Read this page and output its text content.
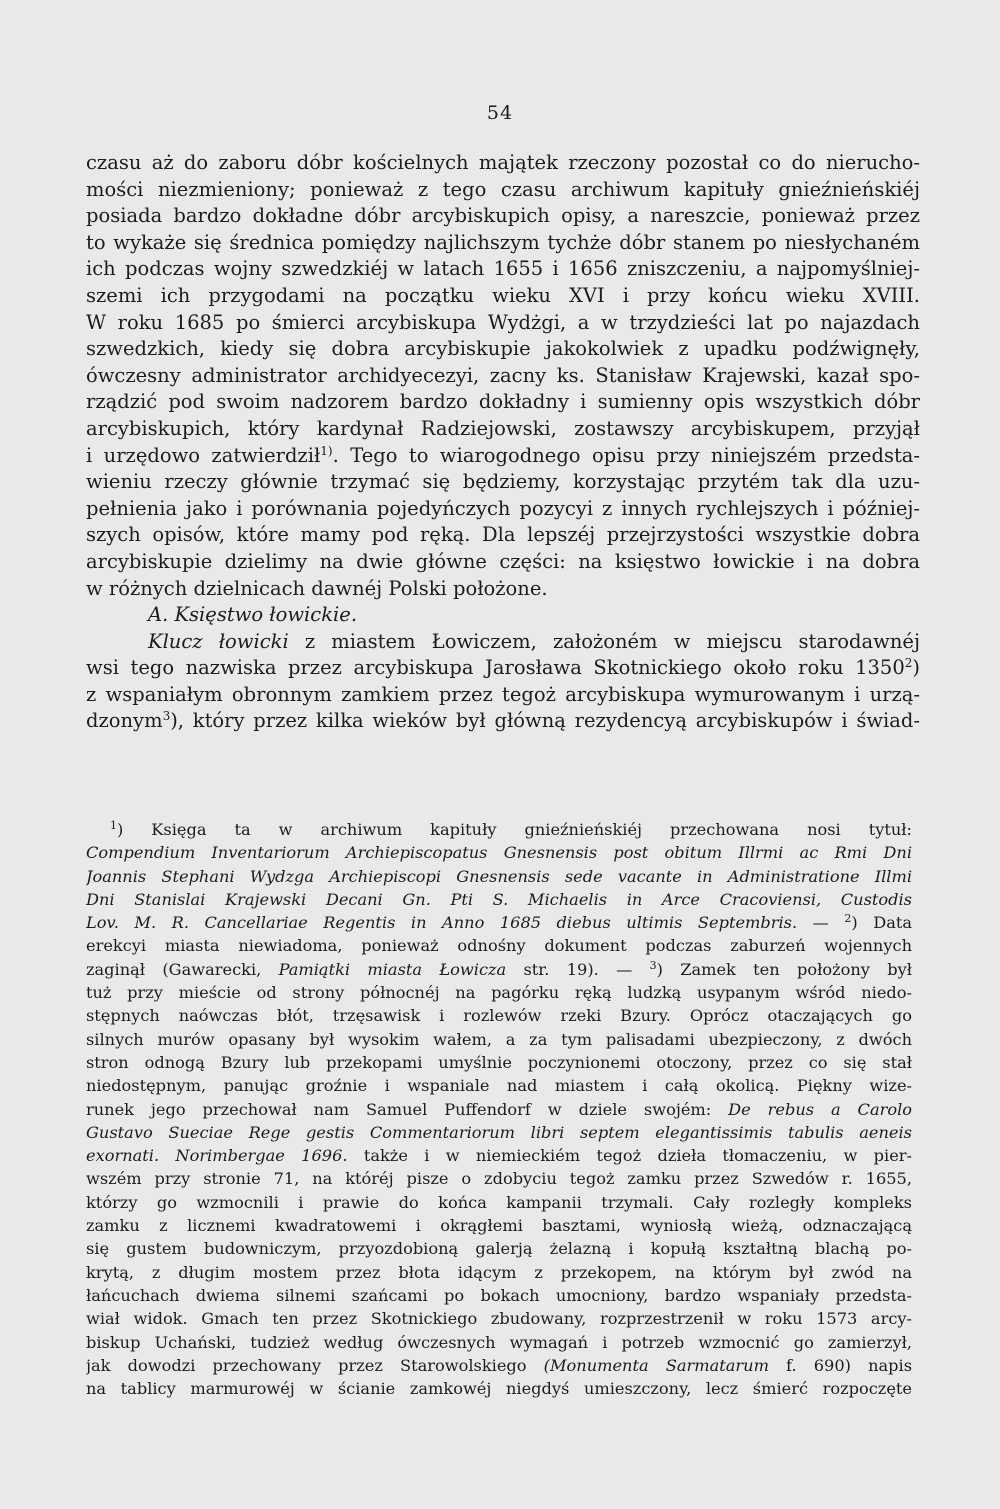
54
czasu aż do zaboru dóbr kościelnych majątek rzeczony pozostał co do nierucho-
mości niezmieniony; ponieważ z tego czasu archiwum kapituły gnieźnieńskiéj
posiada bardzo dokładne dóbr arcybiskupich opisy, a nareszcie, ponieważ przez
to wykaże się średnica pomiędzy najlichszym tychże dóbr stanem po niesłychaném
ich podczas wojny szwedzkiéj w latach 1655 i 1656 zniszczeniu, a najpomyślniej-
szemi ich przygodami na początku wieku XVI i przy końcu wieku XVIII.
W roku 1685 po śmierci arcybiskupa Wydżgi, a w trzydzieści lat po najazdach
szwedzkich, kiedy się dobra arcybiskupie jakokolwiek z upadku podźwignęły,
ówczesny administrator archidyecezyi, zacny ks. Stanisław Krajewski, kazał spo-
rządzić pod swoim nadzorem bardzo dokładny i sumienny opis wszystkich dóbr
arcybiskupich, który kardynał Radziejowski, zostawszy arcybiskupem, przyjął
i urzędowo zatwierdził$^{1)}$. Tego to wiarogodnego opisu przy niniejszém przedsta-
wieniu rzeczy głównie trzymać się będziemy, korzystając przytém tak dla uzu-
pełnienia jako i porównania pojedyńczych pozycyi z innych rychlejszych i później-
szych opisów, które mamy pod ręką. Dla lepszéj przejrzystości wszystkie dobra
arcybiskupie dzielimy na dwie główne części: na księstwo łowickie i na dobra
w różnych dzielnicach dawnéj Polski położone.
A. Księstwo łowickie.
Klucz łowicki z miastem Łowiczem, założoném w miejscu starodawnéj
wsi tego nazwiska przez arcybiskupa Jarosława Skotnickiego około roku 1350$^2$)
z wspaniałym obronnym zamkiem przez tegoż arcybiskupa wymurowanym i urzą-
dzonym$^3$), który przez kilka wieków był główną rezydencyą arcybiskupów i świad-
$^1$) Księga ta w archiwum kapituły gnieźnieńskiéj przechowana nosi tytuł:
Compendium Inventariorum Archiepiscopatus Gnesnensis post obitum Illrmi ac Rmi Dni
Joannis Stephani Wydzga Archiepiscopi Gnesnensis sede vacante in Administratione Illmi
Dni Stanislai Krajewski Decani Gn. Pti S. Michaelis in Arce Cracoviensi, Custodis
Lov. M. R. Cancellariae Regentis in Anno 1685 diebus ultimis Septembris. — $^2$) Data
erekcyi miasta niewiadoma, ponieważ odnośny dokument podczas zaburzeń wojennych
zaginął (Gawarecki, Pamiątki miasta Łowicza str. 19). — $^3$) Zamek ten położony był
tuż przy mieście od strony północnéj na pagórku ręką ludzką usypanym wśród niedo-
stępnych naówczas błót, trzęsawisk i rozlewów rzeki Bzury. Oprócz otaczających go
silnych murów opasany był wysokim wałem, a za tym palisadami ubezpieczony, z dwóch
stron odnogą Bzury lub przekopami umyślnie poczynionemi otoczony, przez co się stał
niedostępnym, panując groźnie i wspaniale nad miastem i całą okolicą. Piękny wize-
runek jego przechował nam Samuel Puffendorf w dziele swojém: De rebus a Carolo
Gustavo Sueciae Rege gestis Commentariorum libri septem elegantissimis tabulis aeneis
exornati. Norimbergae 1696. także i w niemieckiém tegoż dzieła tłomaczeniu, w pier-
wszém przy stronie 71, na któréj pisze o zdobyciu tegoż zamku przez Szwedów r. 1655,
którzy go wzmocnili i prawie do końca kampanii trzymali. Cały rozległy kompleks
zamku z licznemi kwadratowemi i okrągłemi basztami, wyniosłą wieżą, odznaczającą
się gustem budowniczym, przyozdobioną galerją żelazną i kopułą kształtną blachą po-
krytą, z długim mostem przez błota idącym z przekopem, na którym był zwód na
łańcuchach dwiema silnemi szańcami po bokach umocniony, bardzo wspaniały przedsta-
wiał widok. Gmach ten przez Skotnickiego zbudowany, rozprzestrzenił w roku 1573 arcy-
biskup Uchański, tudzież według ówczesnych wymagań i potrzeb wzmocnić go zamierzył,
jak dowodzi przechowany przez Starowolskiego (Monumenta Sarmatarum f. 690) napis
na tablicy marmurowéj w ścianie zamkowéj niegdyś umieszczony, lecz śmierć rozpoczęte
